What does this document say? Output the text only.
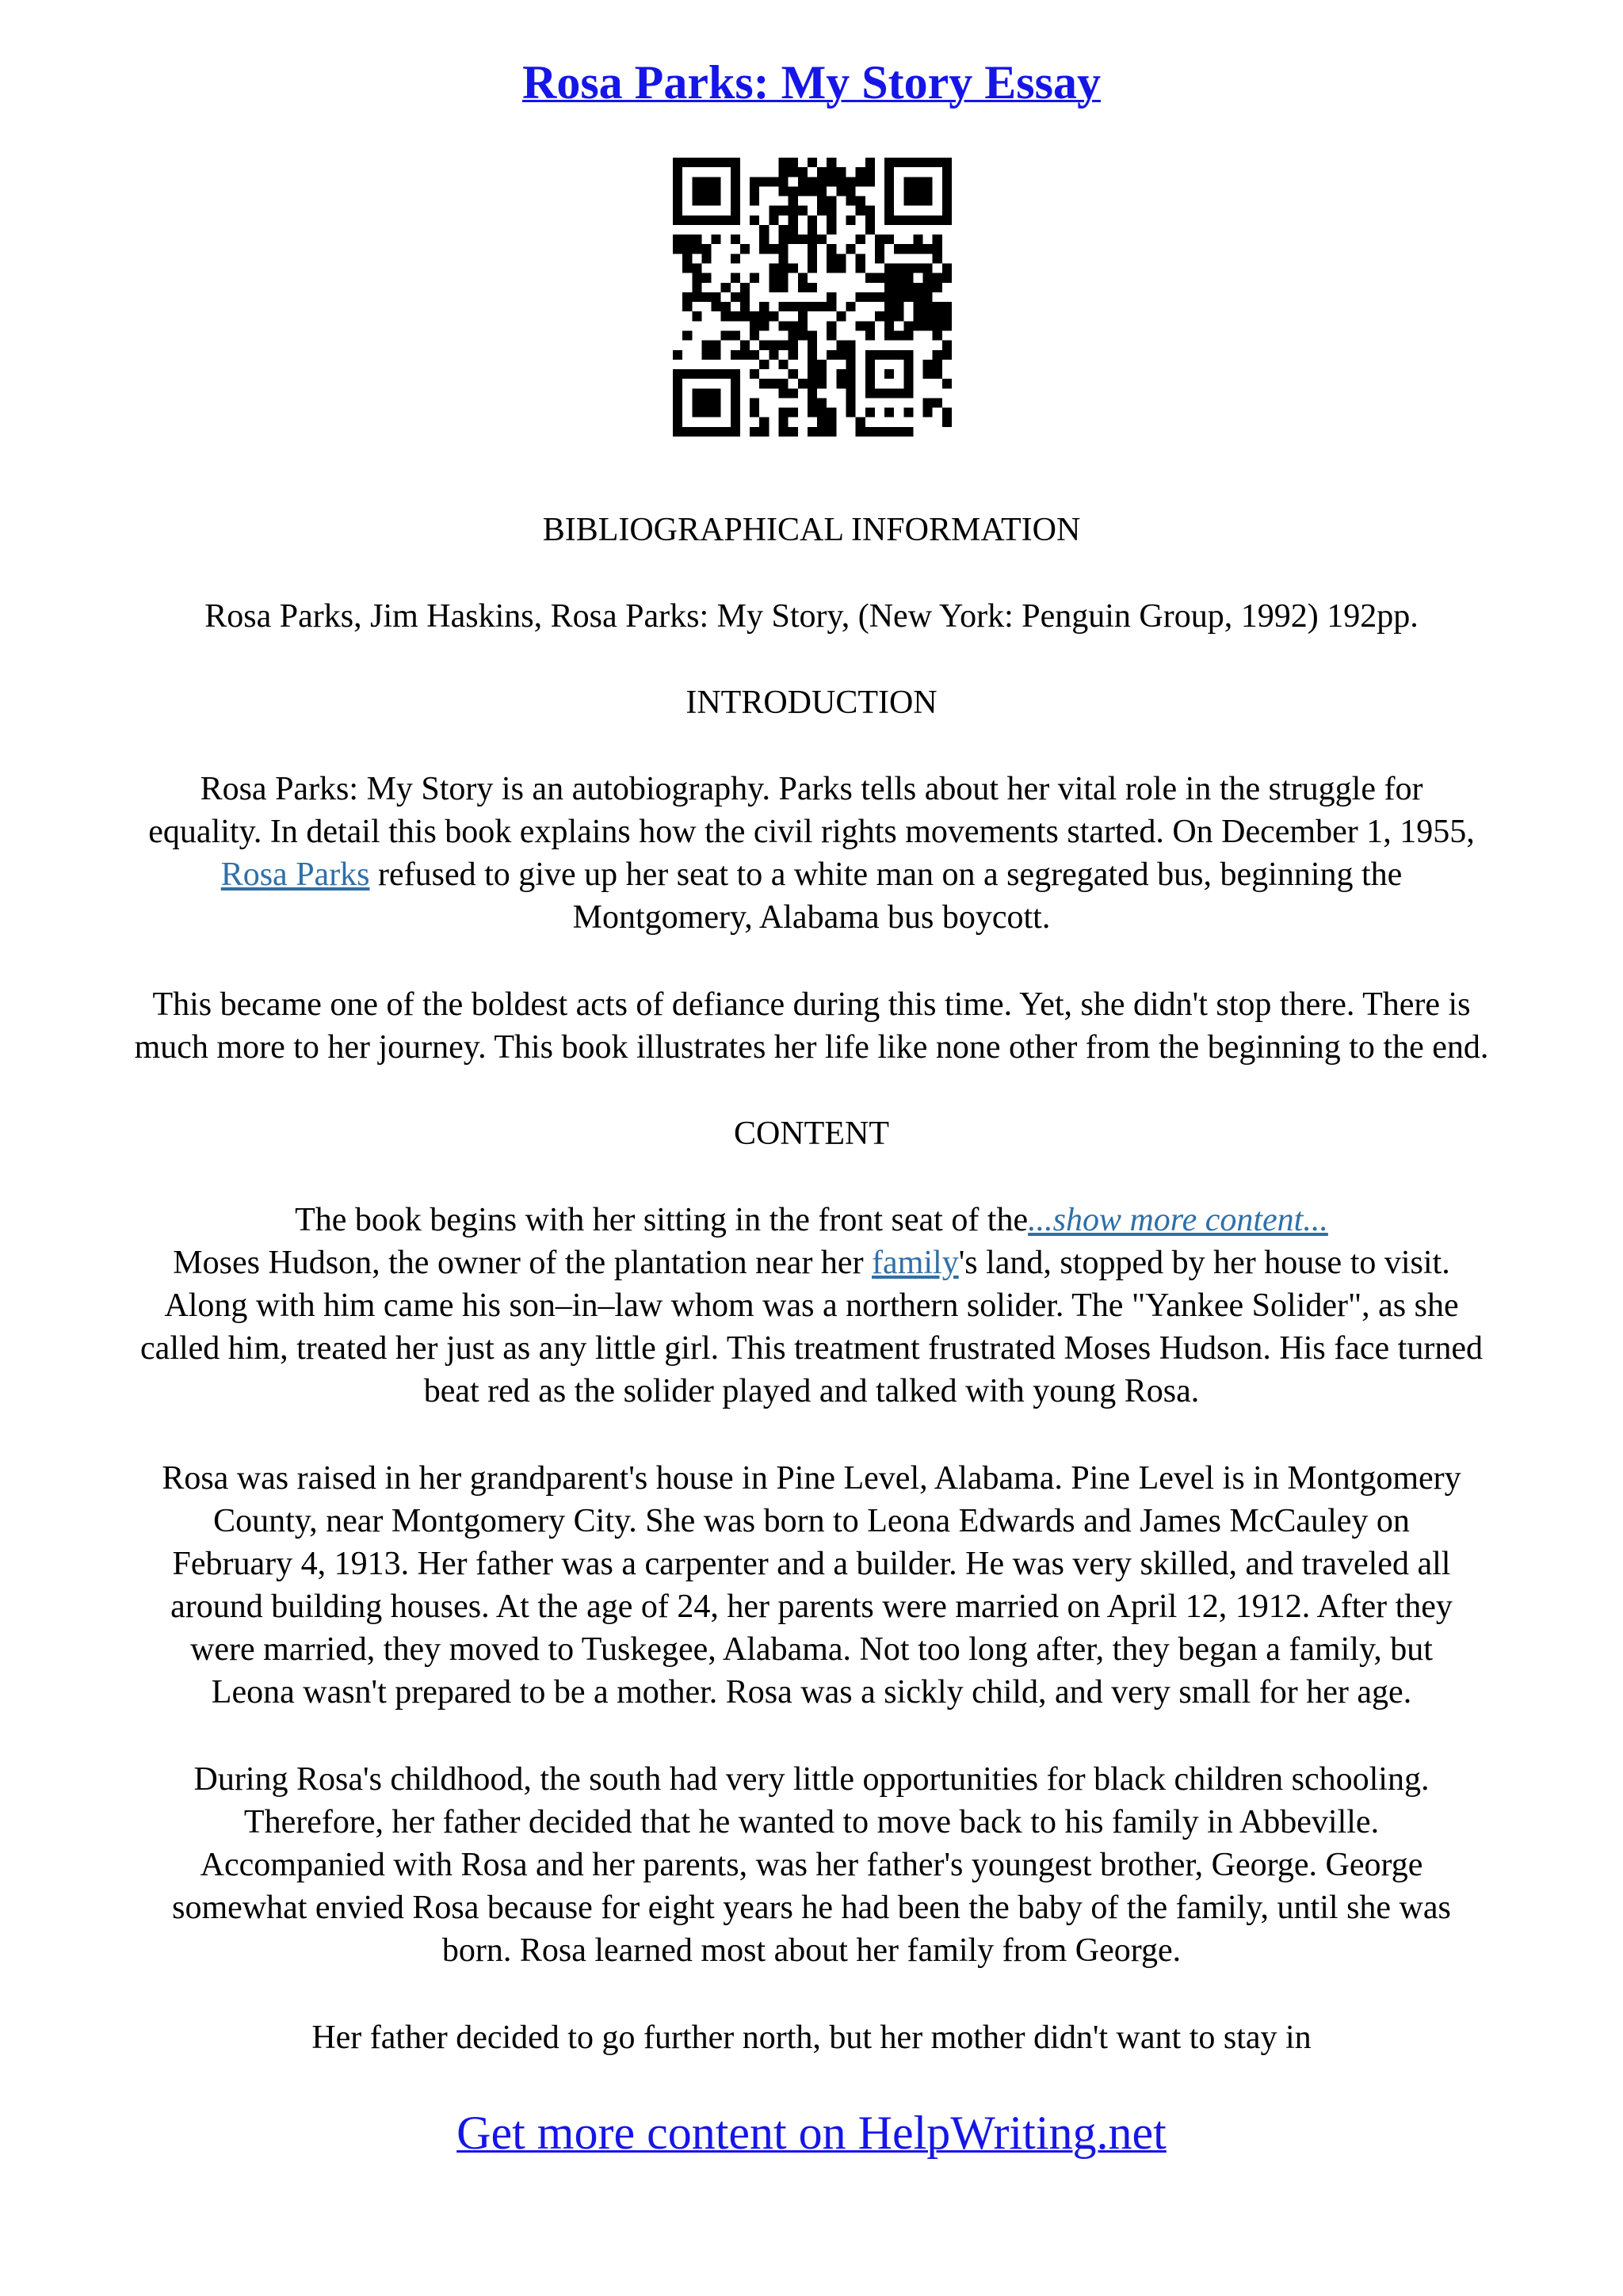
Rosa Parks: My Story Essay

BIBLIOGRAPHICAL INFORMATION

Rosa Parks, Jim Haskins, Rosa Parks: My Story, (New York: Penguin Group, 1992) 192pp.

INTRODUCTION

Rosa Parks: My Story is an autobiography. Parks tells about her vital role in the struggle for
equality. In detail this book explains how the civil rights movements started. On December 1, 1955,
Rosa Parks refused to give up her seat to a white man on a segregated bus, beginning the
Montgomery, Alabama bus boycott.
This became one of the boldest acts of defiance during this time. Yet, she didn't stop there. There is
much more to her journey. This book illustrates her life like none other from the beginning to the end.

CONTENT

The book begins with her sitting in the front seat of the...show more content...
Moses Hudson, the owner of the plantation near her family's land, stopped by her house to visit.
Along with him came his son–in–law whom was a northern solider. The "Yankee Solider", as she
called him, treated her just as any little girl. This treatment frustrated Moses Hudson. His face turned
beat red as the solider played and talked with young Rosa.
Rosa was raised in her grandparent's house in Pine Level, Alabama. Pine Level is in Montgomery
County, near Montgomery City. She was born to Leona Edwards and James McCauley on
February 4, 1913. Her father was a carpenter and a builder. He was very skilled, and traveled all
around building houses. At the age of 24, her parents were married on April 12, 1912. After they
were married, they moved to Tuskegee, Alabama. Not too long after, they began a family, but
Leona wasn't prepared to be a mother. Rosa was a sickly child, and very small for her age.
During Rosa's childhood, the south had very little opportunities for black children schooling.
Therefore, her father decided that he wanted to move back to his family in Abbeville.
Accompanied with Rosa and her parents, was her father's youngest brother, George. George
somewhat envied Rosa because for eight years he had been the baby of the family, until she was
born. Rosa learned most about her family from George.

Her father decided to go further north, but her mother didn't want to stay in

Get more content on HelpWriting.net
